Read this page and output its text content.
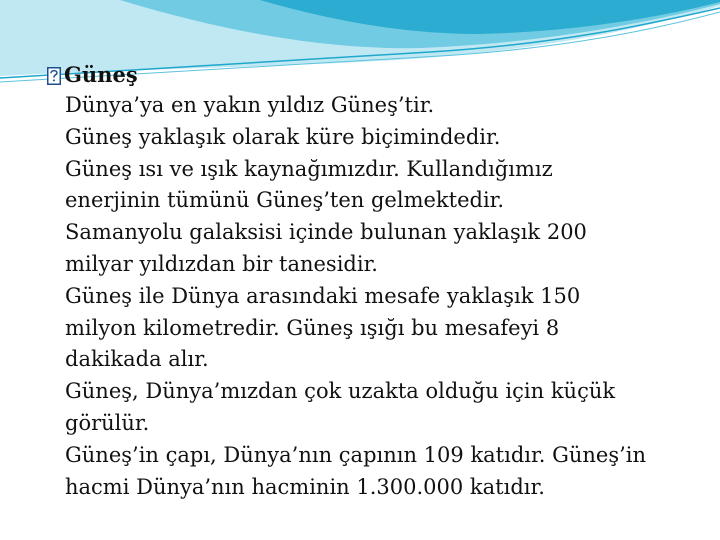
Güneş
Dünya’ya en yakın yıldız Güneş’tir.
Güneş yaklaşık olarak küre biçimindedir.
Güneş ısı ve ışık kaynağımızdır. Kullandığımız
enerjinin tümünü Güneş’ten gelmektedir.
Samanyolu galaksisi içinde bulunan yaklaşık 200
milyar yıldızdan bir tanesidir.
Güneş ile Dünya arasındaki mesafe yaklaşık 150
milyon kilometredir. Güneş ışığı bu mesafeyi 8
dakikada alır.
Güneş, Dünya’mızdan çok uzakta olduğu için küçük
görülür.
Güneş’in çapı, Dünya’nın çapının 109 katıdır. Güneş’in
hacmi Dünya’nın hacminin 1.300.000 katıdır.
